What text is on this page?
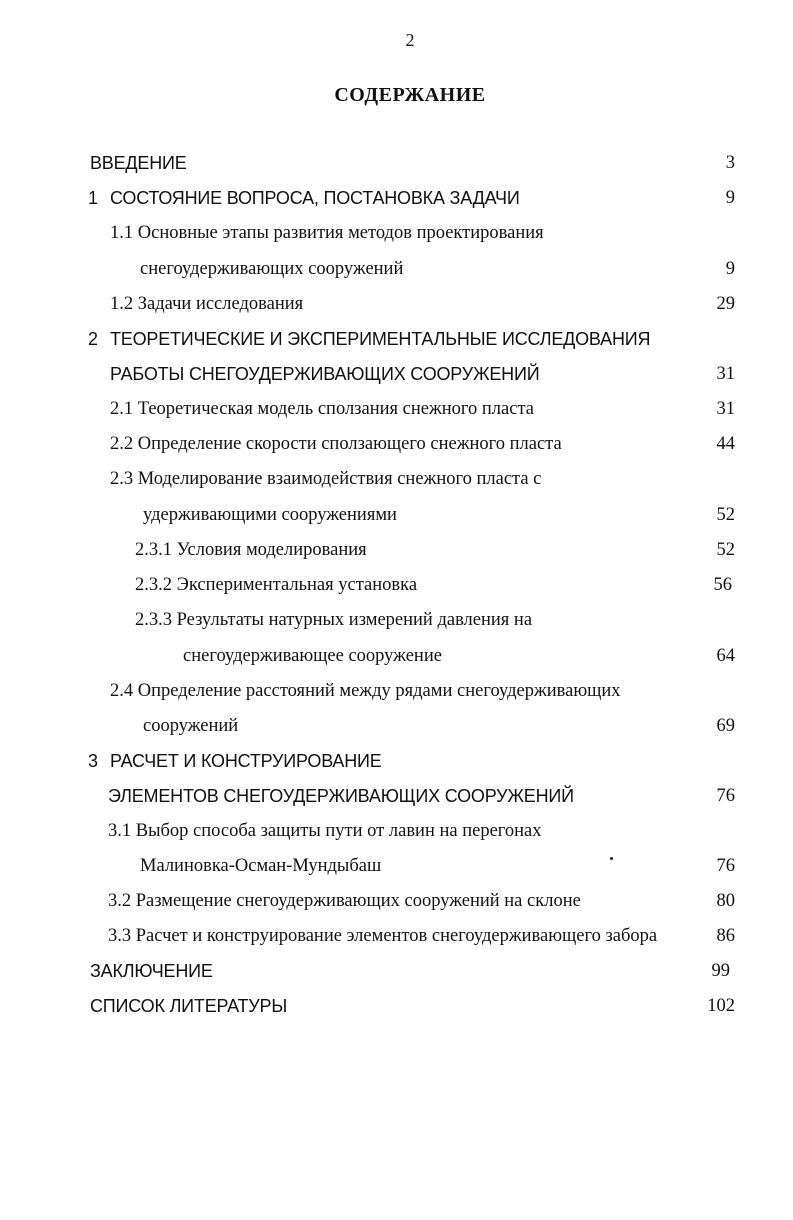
2
СОДЕРЖАНИЕ
ВВЕДЕНИЕ	3
1 СОСТОЯНИЕ ВОПРОСА, ПОСТАНОВКА ЗАДАЧИ	9
1.1 Основные этапы развития методов проектирования
снегоудерживающих сооружений	9
1.2 Задачи исследования	29
2 ТЕОРЕТИЧЕСКИЕ И ЭКСПЕРИМЕНТАЛЬНЫЕ ИССЛЕДОВАНИЯ
РАБОТЫ СНЕГОУДЕРЖИВАЮЩИХ СООРУЖЕНИЙ	31
2.1 Теоретическая модель сползания снежного пласта	31
2.2 Определение скорости сползающего снежного пласта	44
2.3 Моделирование взаимодействия снежного пласта с
удерживающими сооружениями	52
2.3.1 Условия моделирования	52
2.3.2 Экспериментальная установка	56
2.3.3 Результаты натурных измерений давления на
снегоудерживающее сооружение	64
2.4 Определение расстояний между рядами снегоудерживающих
сооружений	69
3 РАСЧЕТ И КОНСТРУИРОВАНИЕ
ЭЛЕМЕНТОВ СНЕГОУДЕРЖИВАЮЩИХ СООРУЖЕНИЙ	76
3.1 Выбор способа защиты пути от лавин на перегонах
Малиновка-Осман-Мундыбаш	76
3.2 Размещение снегоудерживающих сооружений на склоне	80
3.3 Расчет и конструирование элементов снегоудерживающего забора	86
ЗАКЛЮЧЕНИЕ	99
СПИСОК ЛИТЕРАТУРЫ	102
